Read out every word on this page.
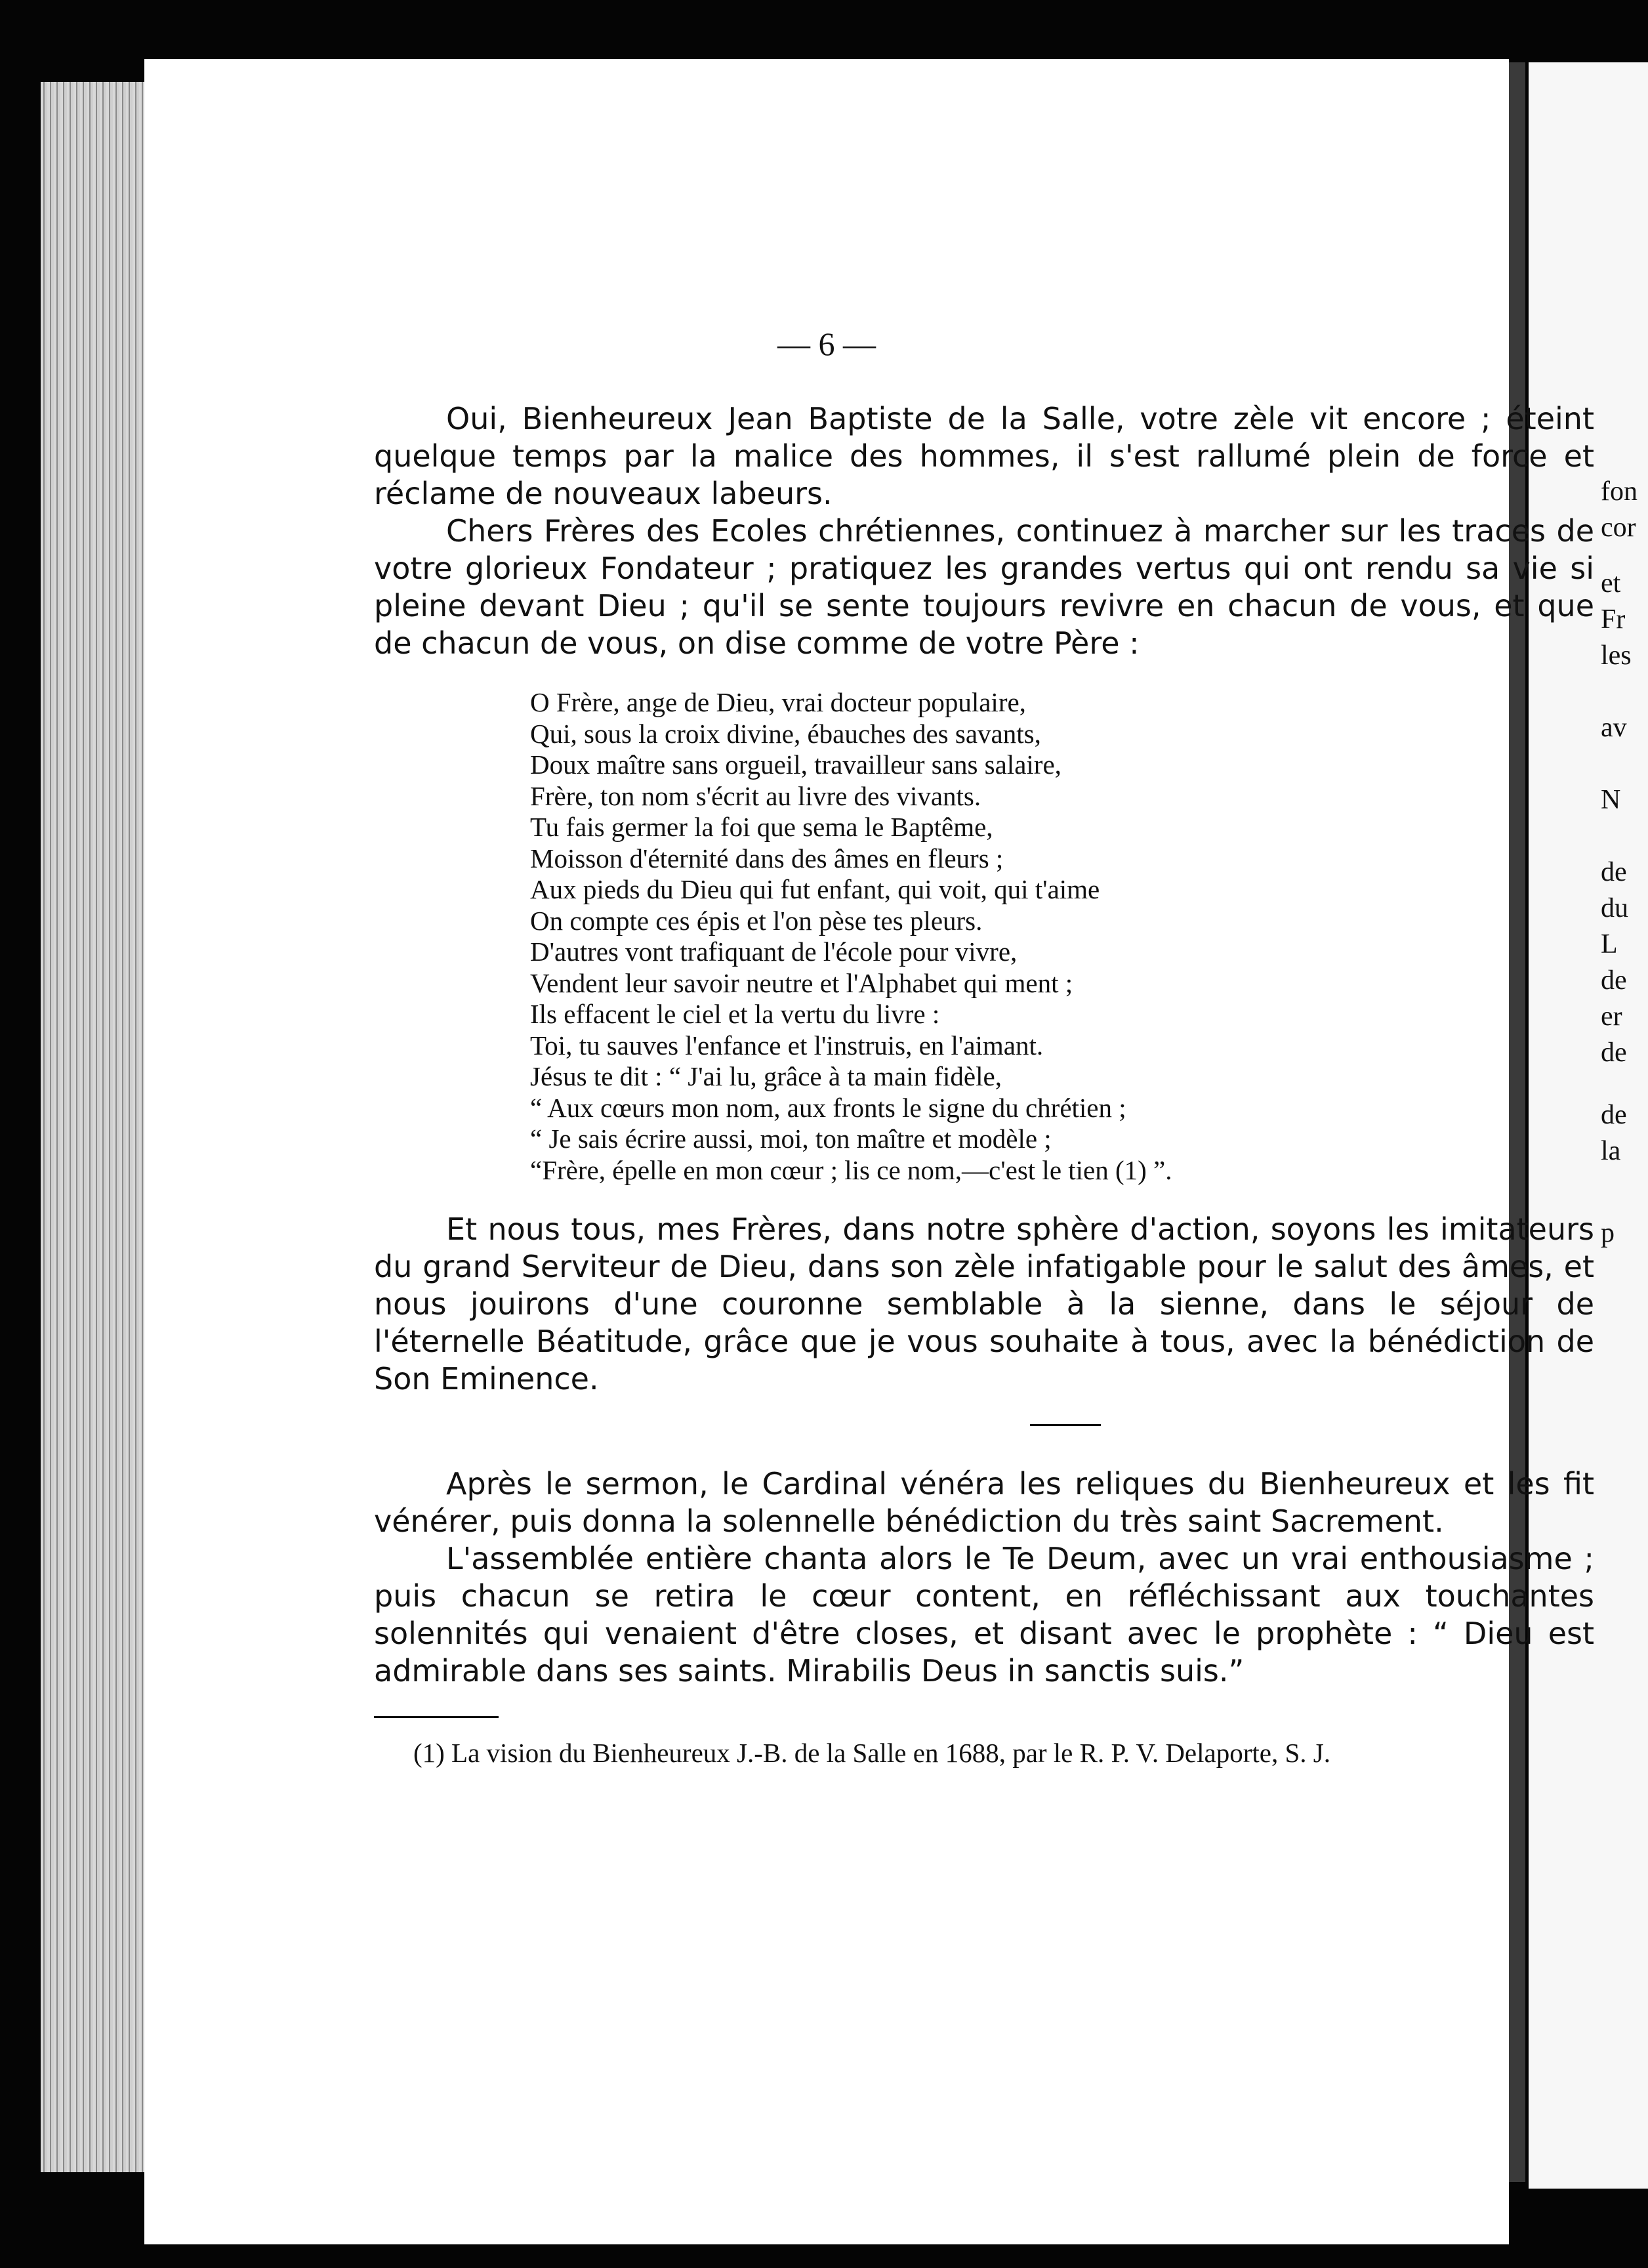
fon
cor
et
Fr
les
av
N
de
du
L
de
er
de
de
la
p
— 6 —

Oui, Bienheureux Jean Baptiste de la Salle, votre zèle vit encore ; éteint quelque temps par la malice des hommes, il s'est rallumé plein de force et réclame de nouveaux labeurs.

Chers Frères des Ecoles chrétiennes, continuez à marcher sur les traces de votre glorieux Fondateur ; pratiquez les grandes vertus qui ont rendu sa vie si pleine devant Dieu ; qu'il se sente toujours revivre en chacun de vous, et que de chacun de vous, on dise comme de votre Père :

O Frère, ange de Dieu, vrai docteur populaire,
Qui, sous la croix divine, ébauches des savants,
Doux maître sans orgueil, travailleur sans salaire,
Frère, ton nom s'écrit au livre des vivants.
Tu fais germer la foi que sema le Baptême,
Moisson d'éternité dans des âmes en fleurs ;
Aux pieds du Dieu qui fut enfant, qui voit, qui t'aime
On compte ces épis et l'on pèse tes pleurs.
D'autres vont trafiquant de l'école pour vivre,
Vendent leur savoir neutre et l'Alphabet qui ment ;
Ils effacent le ciel et la vertu du livre :
Toi, tu sauves l'enfance et l'instruis, en l'aimant.
Jésus te dit : “ J'ai lu, grâce à ta main fidèle,
“ Aux cœurs mon nom, aux fronts le signe du chrétien ;
“ Je sais écrire aussi, moi, ton maître et modèle ;
“Frère, épelle en mon cœur ; lis ce nom,—c'est le tien (1) ”.

Et nous tous, mes Frères, dans notre sphère d'action, soyons les imitateurs du grand Serviteur de Dieu, dans son zèle infatigable pour le salut des âmes, et nous jouirons d'une couronne semblable à la sienne, dans le séjour de l'éternelle Béatitude, grâce que je vous souhaite à tous, avec la bénédiction de Son Eminence.

Après le sermon, le Cardinal vénéra les reliques du Bienheureux et les fit vénérer, puis donna la solennelle bénédiction du très saint Sacrement.

L'assemblée entière chanta alors le Te Deum, avec un vrai enthousiasme ; puis chacun se retira le cœur content, en réfléchissant aux touchantes solennités qui venaient d'être closes, et disant avec le prophète : “ Dieu est admirable dans ses saints. Mirabilis Deus in sanctis suis.”

(1) La vision du Bienheureux J.-B. de la Salle en 1688, par le R. P. V. Delaporte, S. J.
